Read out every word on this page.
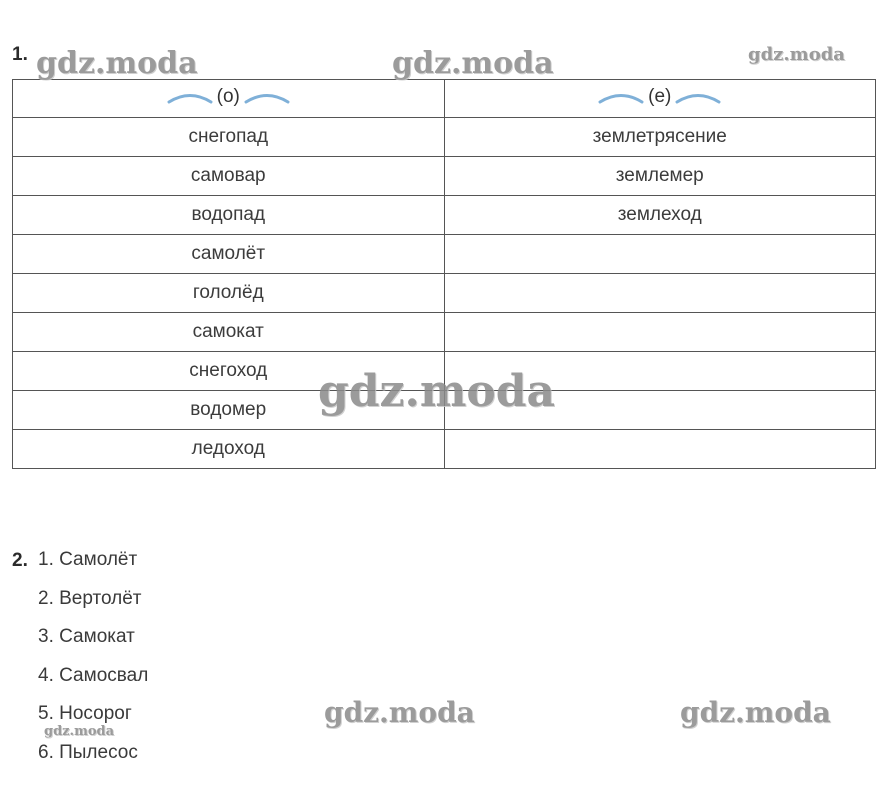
1.
(о)	(е)

снегопад	землетрясение
самовар	землемер
водопад	землеход
самолёт	
гололёд	
самокат	
снегоход	
водомер	
ледоход	
2. 1. Самолёт
2. Вертолёт
3. Самокат
4. Самосвал
5. Носорог
6. Пылесос
gdz.moda	gdz.moda	gdz.moda
gdz.moda
gdz.moda	gdz.moda
gdz.moda
